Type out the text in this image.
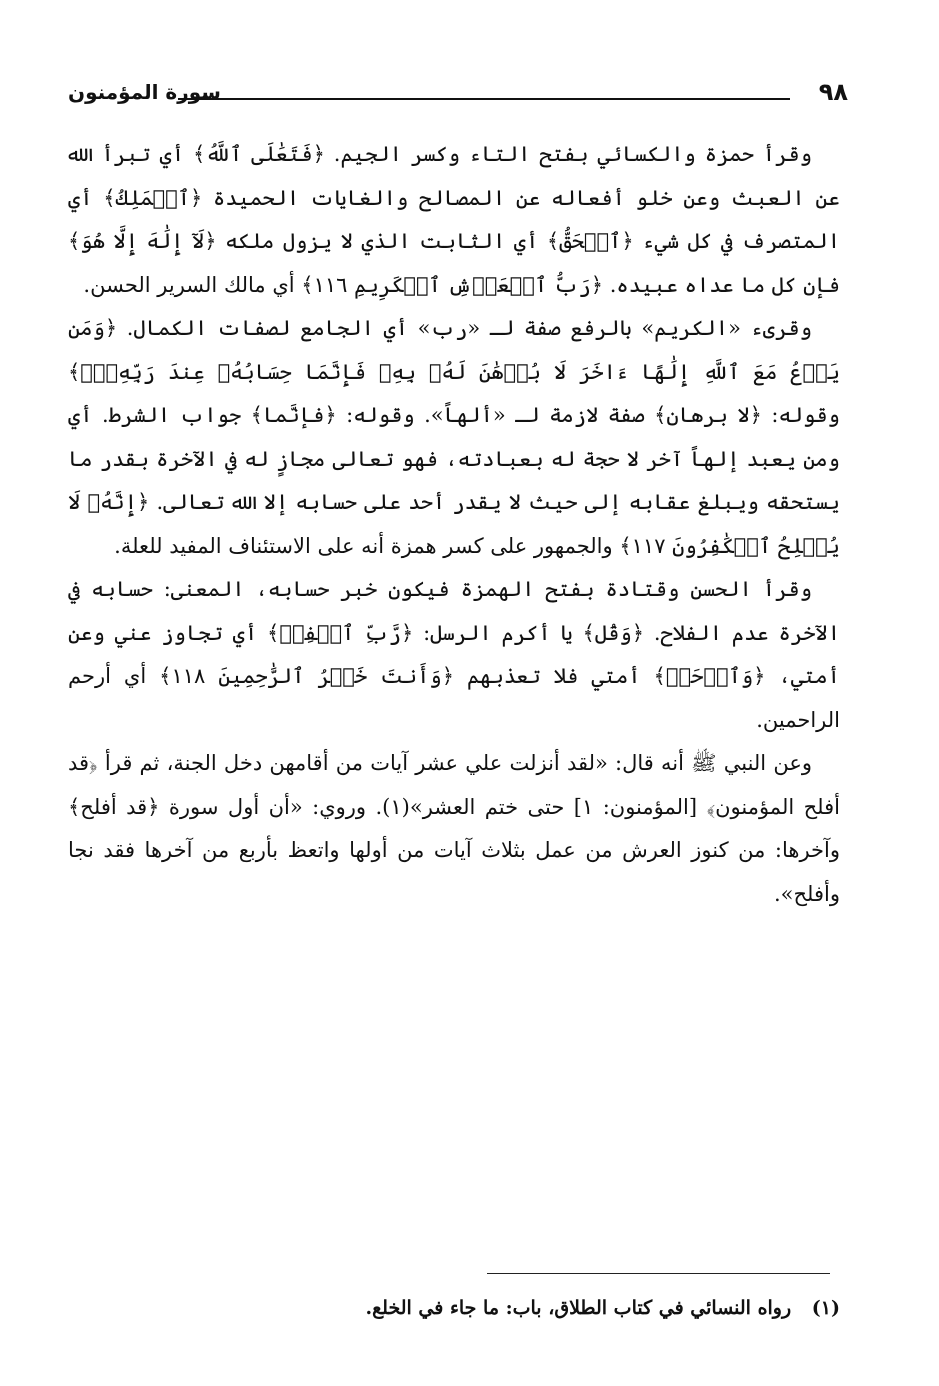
٩٨
سورة المؤمنون

وقرأ حمزة والكسائي بفتح التاء وكسر الجيم. ﴿فَتَعَٰلَى ٱللَّهُ﴾ أي تبرأ الله عن العبث وعن خلو أفعاله عن المصالح والغايات الحميدة ﴿ٱلۡمَلِكُ﴾ أي المتصرف في كل شيء ﴿ٱلۡحَقُّ﴾ أي الثابت الذي لا يزول ملكه ﴿لَآ إِلَٰهَ إِلَّا هُوَ﴾ فإن كل ما عداه عبيده. ﴿رَبُّ ٱلۡعَرۡشِ ٱلۡكَرِيمِ ١١٦﴾ أي مالك السرير الحسن.

وقرىء «الكريم» بالرفع صفة لـ «رب» أي الجامع لصفات الكمال. ﴿وَمَن يَدۡعُ مَعَ ٱللَّهِ إِلَٰهًا ءَاخَرَ لَا بُرۡهَٰنَ لَهُۥ بِهِۦ فَإِنَّمَا حِسَابُهُۥ عِندَ رَبِّهِۦٓۚ﴾ وقوله: ﴿لا برهان﴾ صفة لازمة لـ «ألهاً». وقوله: ﴿فإنَّما﴾ جواب الشرط. أي ومن يعبد إلهاً آخر لا حجة له بعبادته، فهو تعالى مجازٍ له في الآخرة بقدر ما يستحقه ويبلغ عقابه إلى حيث لا يقدر أحد على حسابه إلا الله تعالى. ﴿إِنَّهُۥ لَا يُفۡلِحُ ٱلۡكَٰفِرُونَ ١١٧﴾ والجمهور على كسر همزة أنه على الاستئناف المفيد للعلة.

وقرأ الحسن وقتادة بفتح الهمزة فيكون خبر حسابه، المعنى: حسابه في الآخرة عدم الفلاح. ﴿وَقُل﴾ يا أكرم الرسل: ﴿رَّبِّ ٱغۡفِرۡ﴾ أي تجاوز عني وعن أمتي، ﴿وَٱرۡحَمۡ﴾ أمتي فلا تعذبهم ﴿وَأَنتَ خَيۡرُ ٱلرَّٰحِمِينَ ١١٨﴾ أي أرحم الراحمين.

وعن النبي ﷺ أنه قال: «لقد أنزلت علي عشر آيات من أقامهن دخل الجنة، ثم قرأ ﴿قد أفلح المؤمنون﴾ [المؤمنون: ١] حتى ختم العشر»(١). وروي: «أن أول سورة ﴿قد أفلح﴾ وآخرها: من كنوز العرش من عمل بثلاث آيات من أولها واتعظ بأربع من آخرها فقد نجا وأفلح».

(١) رواه النسائي في كتاب الطلاق، باب: ما جاء في الخلع.
